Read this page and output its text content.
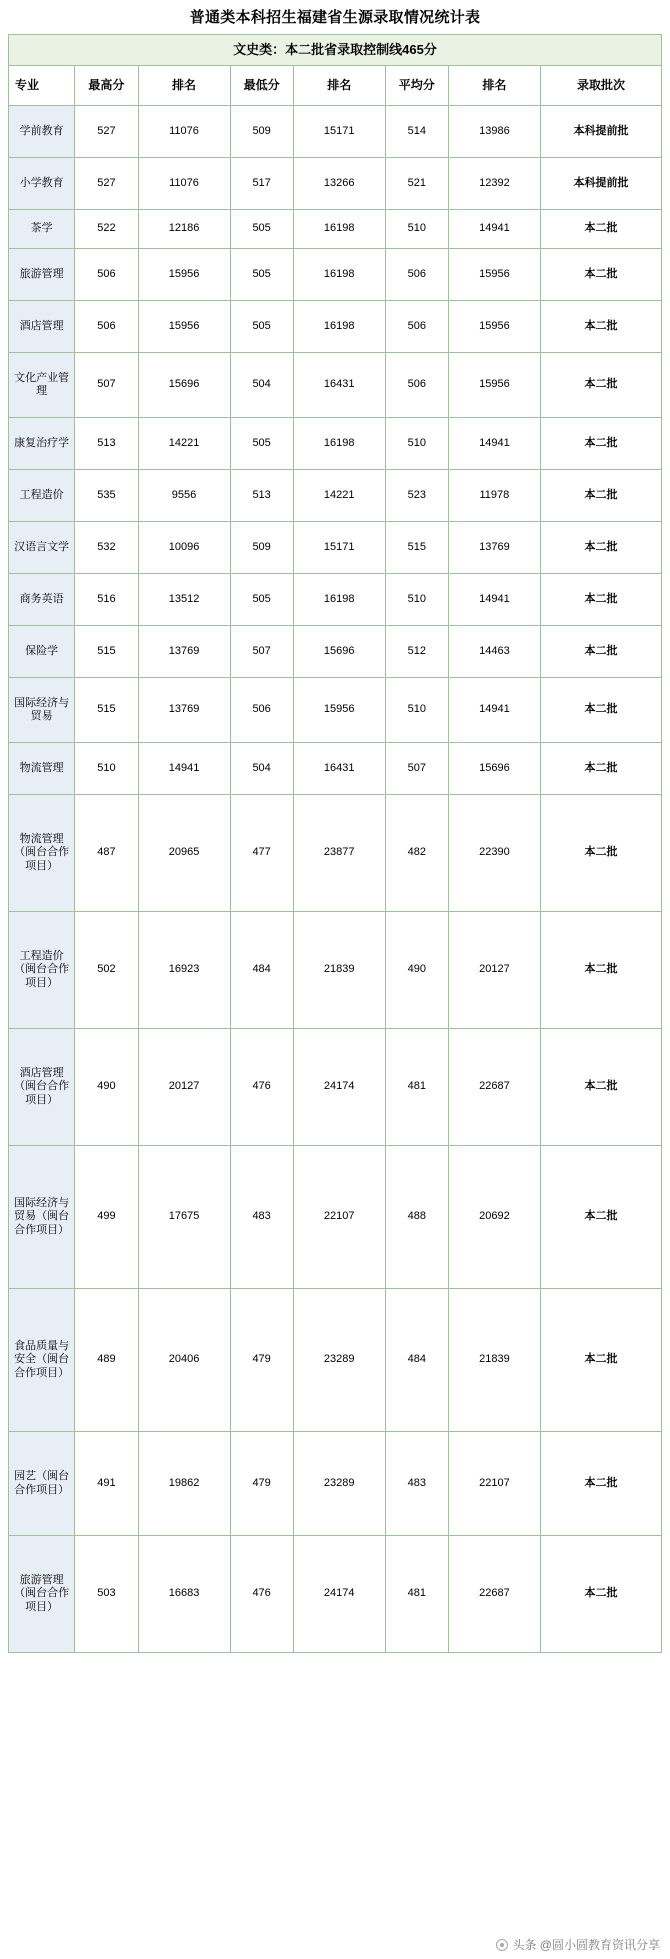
普通类本科招生福建省生源录取情况统计表
文史类：本二批省录取控制线465分							
专业	最高分	排名	最低分	排名	平均分	排名	录取批次
学前教育	527	11076	509	15171	514	13986	本科提前批
小学教育	527	11076	517	13266	521	12392	本科提前批
茶学	522	12186	505	16198	510	14941	本二批
旅游管理	506	15956	505	16198	506	15956	本二批
酒店管理	506	15956	505	16198	506	15956	本二批
文化产业管理	507	15696	504	16431	506	15956	本二批
康复治疗学	513	14221	505	16198	510	14941	本二批
工程造价	535	9556	513	14221	523	11978	本二批
汉语言文学	532	10096	509	15171	515	13769	本二批
商务英语	516	13512	505	16198	510	14941	本二批
保险学	515	13769	507	15696	512	14463	本二批
国际经济与贸易	515	13769	506	15956	510	14941	本二批
物流管理	510	14941	504	16431	507	15696	本二批
物流管理（闽台合作项目）	487	20965	477	23877	482	22390	本二批
工程造价（闽台合作项目）	502	16923	484	21839	490	20127	本二批
酒店管理（闽台合作项目）	490	20127	476	24174	481	22687	本二批
国际经济与贸易（闽台合作项目）	499	17675	483	22107	488	20692	本二批
食品质量与安全（闽台合作项目）	489	20406	479	23289	484	21839	本二批
园艺（闽台合作项目）	491	19862	479	23289	483	22107	本二批
旅游管理（闽台合作项目）	503	16683	476	24174	481	22687	本二批
头条 @圆小圆教育资讯分享
